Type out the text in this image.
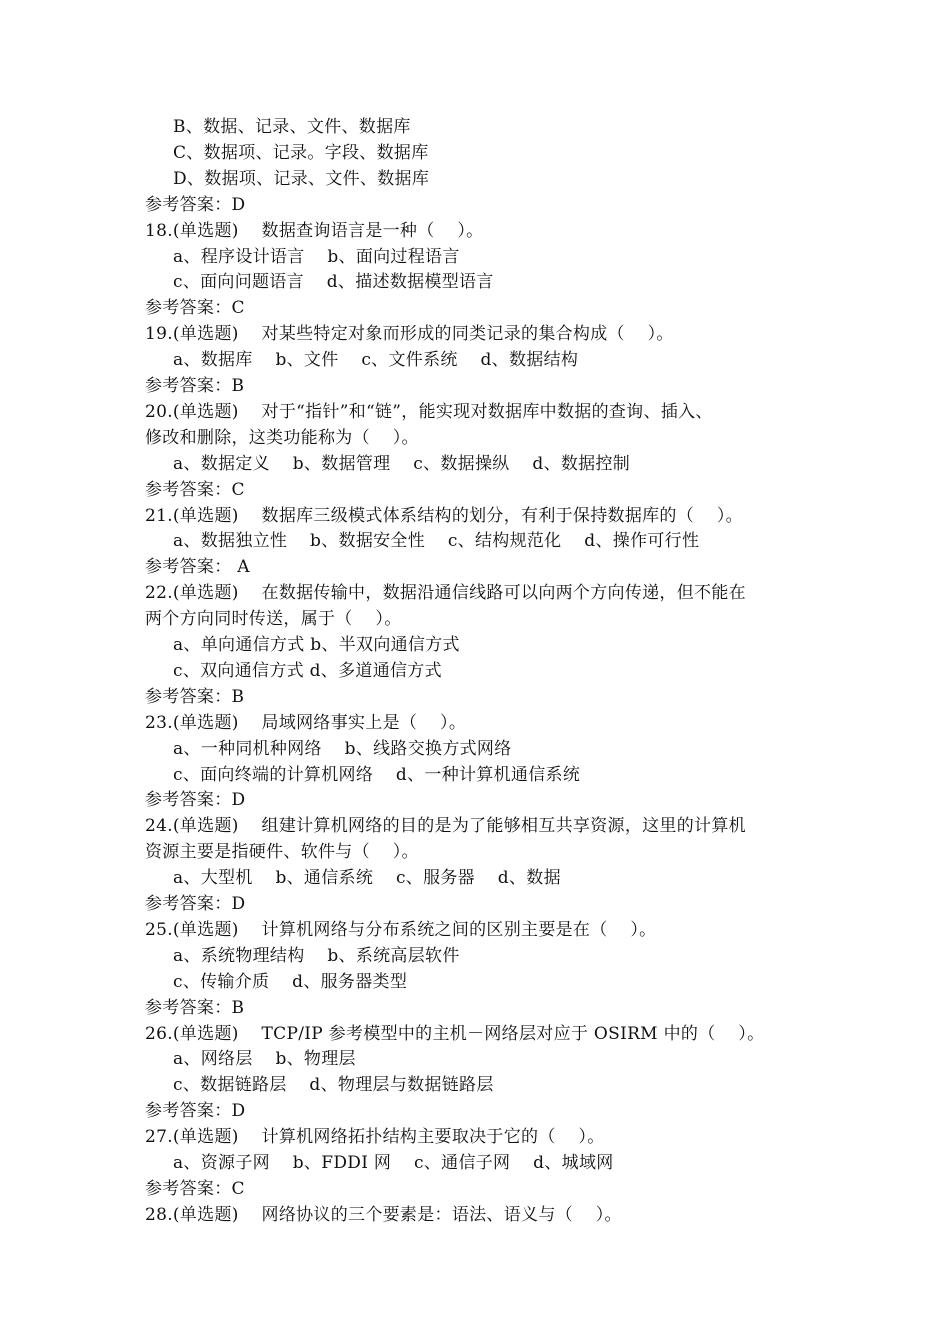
B、数据、记录、文件、数据库
C、数据项、记录。字段、数据库
D、数据项、记录、文件、数据库
参考答案：D
18.(单选题)    数据查询语言是一种（    ）。
a、程序设计语言    b、面向过程语言
c、面向问题语言    d、描述数据模型语言
参考答案：C
19.(单选题)    对某些特定对象而形成的同类记录的集合构成（    ）。
a、数据库    b、文件    c、文件系统    d、数据结构
参考答案：B
20.(单选题)    对于“指针”和“链”，能实现对数据库中数据的查询、插入、
修改和删除，这类功能称为（    ）。
a、数据定义    b、数据管理    c、数据操纵    d、数据控制
参考答案：C
21.(单选题)    数据库三级模式体系结构的划分，有利于保持数据库的（    ）。
a、数据独立性    b、数据安全性    c、结构规范化    d、操作可行性
参考答案： A
22.(单选题)    在数据传输中，数据沿通信线路可以向两个方向传递，但不能在
两个方向同时传送，属于（    ）。
a、单向通信方式 b、半双向通信方式
c、双向通信方式 d、多道通信方式
参考答案：B
23.(单选题)    局域网络事实上是（    ）。
a、一种同机种网络    b、线路交换方式网络
c、面向终端的计算机网络    d、一种计算机通信系统
参考答案：D
24.(单选题)    组建计算机网络的目的是为了能够相互共享资源，这里的计算机
资源主要是指硬件、软件与（    ）。
a、大型机    b、通信系统    c、服务器    d、数据
参考答案：D
25.(单选题)    计算机网络与分布系统之间的区别主要是在（    ）。
a、系统物理结构    b、系统高层软件
c、传输介质    d、服务器类型
参考答案：B
26.(单选题)    TCP/IP 参考模型中的主机－网络层对应于 OSIRM 中的（    ）。
a、网络层    b、物理层
c、数据链路层    d、物理层与数据链路层
参考答案：D
27.(单选题)    计算机网络拓扑结构主要取决于它的（    ）。
a、资源子网    b、FDDI 网    c、通信子网    d、城域网
参考答案：C
28.(单选题)    网络协议的三个要素是：语法、语义与（    ）。
